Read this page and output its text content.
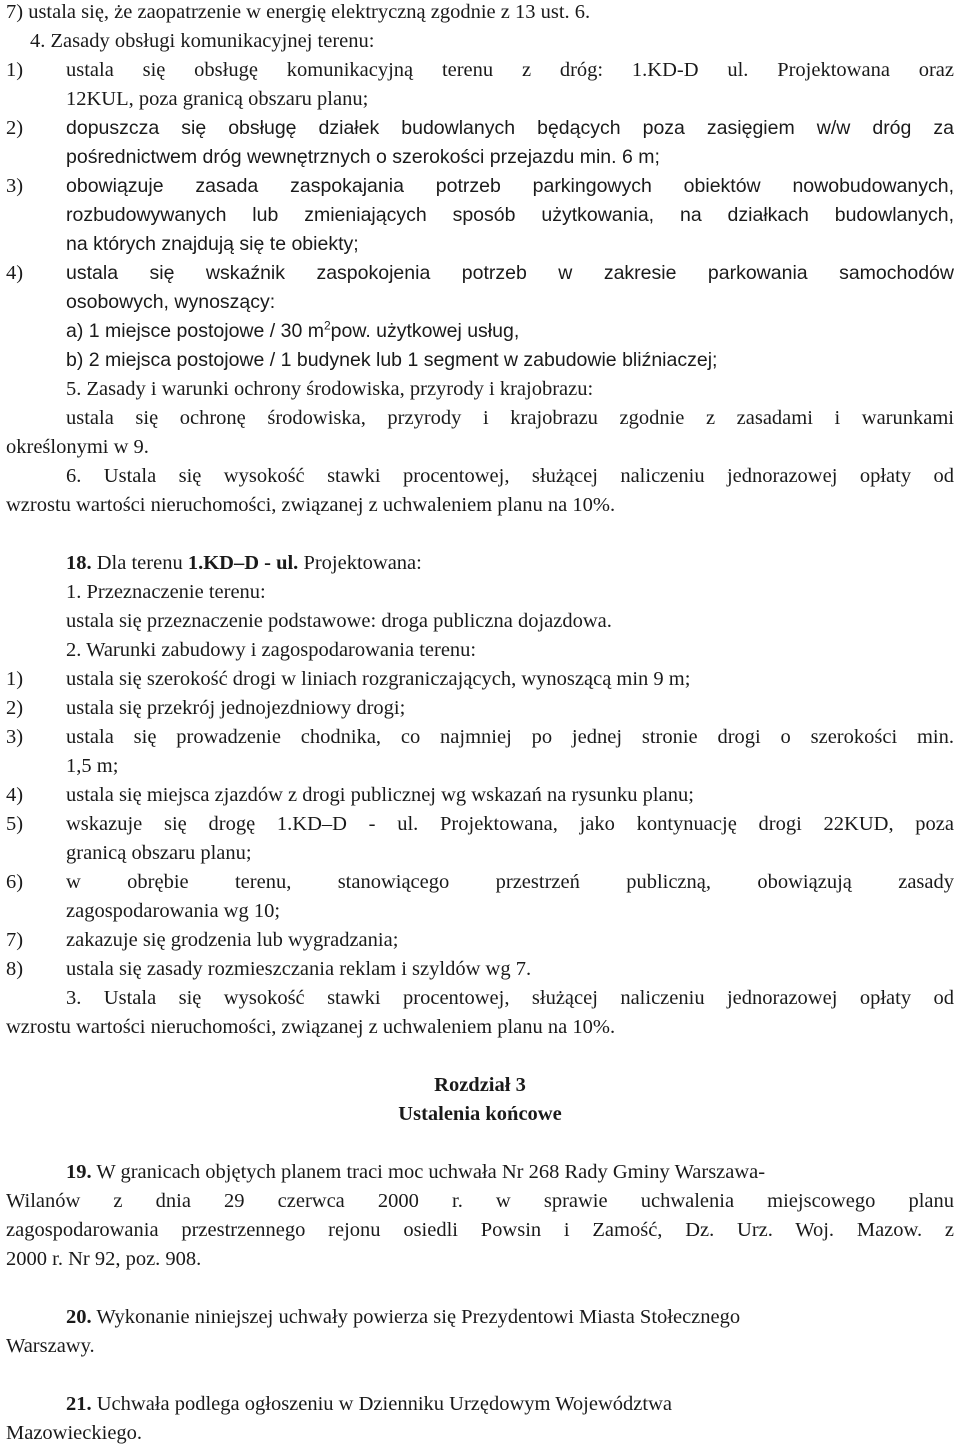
7) ustala się, że zaopatrzenie w energię elektryczną zgodnie z 13 ust. 6.
4. Zasady obsługi komunikacyjnej terenu:
1) ustala się obsługę komunikacyjną terenu z dróg: 1.KD-D ul. Projektowana oraz
12KUL, poza granicą obszaru planu;
2) dopuszcza się obsługę działek budowlanych będących poza zasięgiem w/w dróg za
pośrednictwem dróg wewnętrznych o szerokości przejazdu min. 6 m;
3) obowiązuje zasada zaspokajania potrzeb parkingowych obiektów nowobudowanych,
rozbudowywanych lub zmieniających sposób użytkowania, na działkach budowlanych,
na których znajdują się te obiekty;
4) ustala się wskaźnik zaspokojenia potrzeb w zakresie parkowania samochodów
osobowych, wynoszący:
a) 1 miejsce postojowe / 30 $m^2pow$. użytkowej usług,
b) 2 miejsca postojowe / 1 budynek lub 1 segment w zabudowie bliźniaczej;
5. Zasady i warunki ochrony środowiska, przyrody i krajobrazu:
ustala się ochronę środowiska, przyrody i krajobrazu zgodnie z zasadami i warunkami
określonymi w 9.
6. Ustala się wysokość stawki procentowej, służącej naliczeniu jednorazowej opłaty od
wzrostu wartości nieruchomości, związanej z uchwaleniem planu na 10%.
18. Dla terenu 1.KD–D - ul. Projektowana:
1. Przeznaczenie terenu:
ustala się przeznaczenie podstawowe: droga publiczna dojazdowa.
2. Warunki zabudowy i zagospodarowania terenu:
1) ustala się szerokość drogi w liniach rozgraniczających, wynoszącą min 9 m;
2) ustala się przekrój jednojezdniowy drogi;
3) ustala się prowadzenie chodnika, co najmniej po jednej stronie drogi o szerokości min.
1,5 m;
4) ustala się miejsca zjazdów z drogi publicznej wg wskazań na rysunku planu;
5) wskazuje się drogę 1.KD–D - ul. Projektowana, jako kontynuację drogi 22KUD, poza
granicą obszaru planu;
6) w obrębie terenu, stanowiącego przestrzeń publiczną, obowiązują zasady
zagospodarowania wg 10;
7) zakazuje się grodzenia lub wygradzania;
8) ustala się zasady rozmieszczania reklam i szyldów wg 7.
3. Ustala się wysokość stawki procentowej, służącej naliczeniu jednorazowej opłaty od
wzrostu wartości nieruchomości, związanej z uchwaleniem planu na 10%.
Rozdział 3
Ustalenia końcowe
19. W granicach objętych planem traci moc uchwała Nr 268 Rady Gminy Warszawa-
Wilanów z dnia 29 czerwca 2000 r. w sprawie uchwalenia miejscowego planu
zagospodarowania przestrzennego rejonu osiedli Powsin i Zamość, Dz. Urz. Woj. Mazow. z
2000 r. Nr 92, poz. 908.
20. Wykonanie niniejszej uchwały powierza się Prezydentowi Miasta Stołecznego
Warszawy.
21. Uchwała podlega ogłoszeniu w Dzienniku Urzędowym Województwa
Mazowieckiego.
